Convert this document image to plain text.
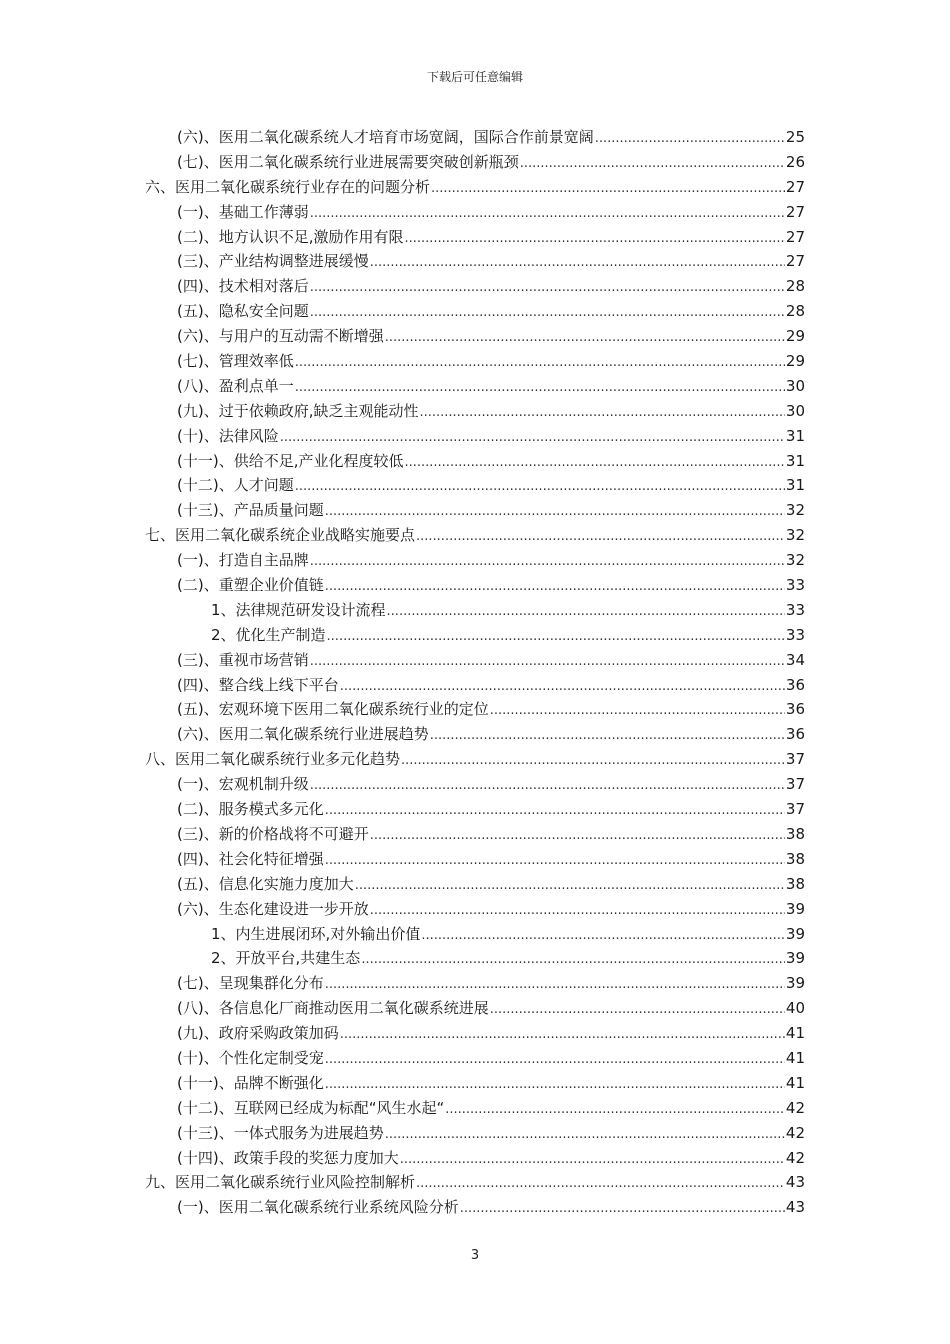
下载后可任意编辑
(六)、医用二氧化碳系统人才培育市场宽阔，国际合作前景宽阔 .....	25
(七)、医用二氧化碳系统行业进展需要突破创新瓶颈 .....	26
六、医用二氧化碳系统行业存在的问题分析 .....	27
(一)、基础工作薄弱 .....	27
(二)、地方认识不足,激励作用有限 .....	27
(三)、产业结构调整进展缓慢 .....	27
(四)、技术相对落后 .....	28
(五)、隐私安全问题 .....	28
(六)、与用户的互动需不断增强 .....	29
(七)、管理效率低 .....	29
(八)、盈利点单一 .....	30
(九)、过于依赖政府,缺乏主观能动性 .....	30
(十)、法律风险 .....	31
(十一)、供给不足,产业化程度较低 .....	31
(十二)、人才问题 .....	31
(十三)、产品质量问题 .....	32
七、医用二氧化碳系统企业战略实施要点 .....	32
(一)、打造自主品牌 .....	32
(二)、重塑企业价值链 .....	33
1、法律规范研发设计流程 .....	33
2、优化生产制造 .....	33
(三)、重视市场营销 .....	34
(四)、整合线上线下平台 .....	36
(五)、宏观环境下医用二氧化碳系统行业的定位 .....	36
(六)、医用二氧化碳系统行业进展趋势 .....	36
八、医用二氧化碳系统行业多元化趋势 .....	37
(一)、宏观机制升级 .....	37
(二)、服务模式多元化 .....	37
(三)、新的价格战将不可避开 .....	38
(四)、社会化特征增强 .....	38
(五)、信息化实施力度加大 .....	38
(六)、生态化建设进一步开放 .....	39
1、内生进展闭环,对外输出价值 .....	39
2、开放平台,共建生态 .....	39
(七)、呈现集群化分布 .....	39
(八)、各信息化厂商推动医用二氧化碳系统进展 .....	40
(九)、政府采购政策加码 .....	41
(十)、个性化定制受宠 .....	41
(十一)、品牌不断强化 .....	41
(十二)、互联网已经成为标配“风生水起“ .....	42
(十三)、一体式服务为进展趋势 .....	42
(十四)、政策手段的奖惩力度加大 .....	42
九、医用二氧化碳系统行业风险控制解析 .....	43
(一)、医用二氧化碳系统行业系统风险分析 .....	43
3
